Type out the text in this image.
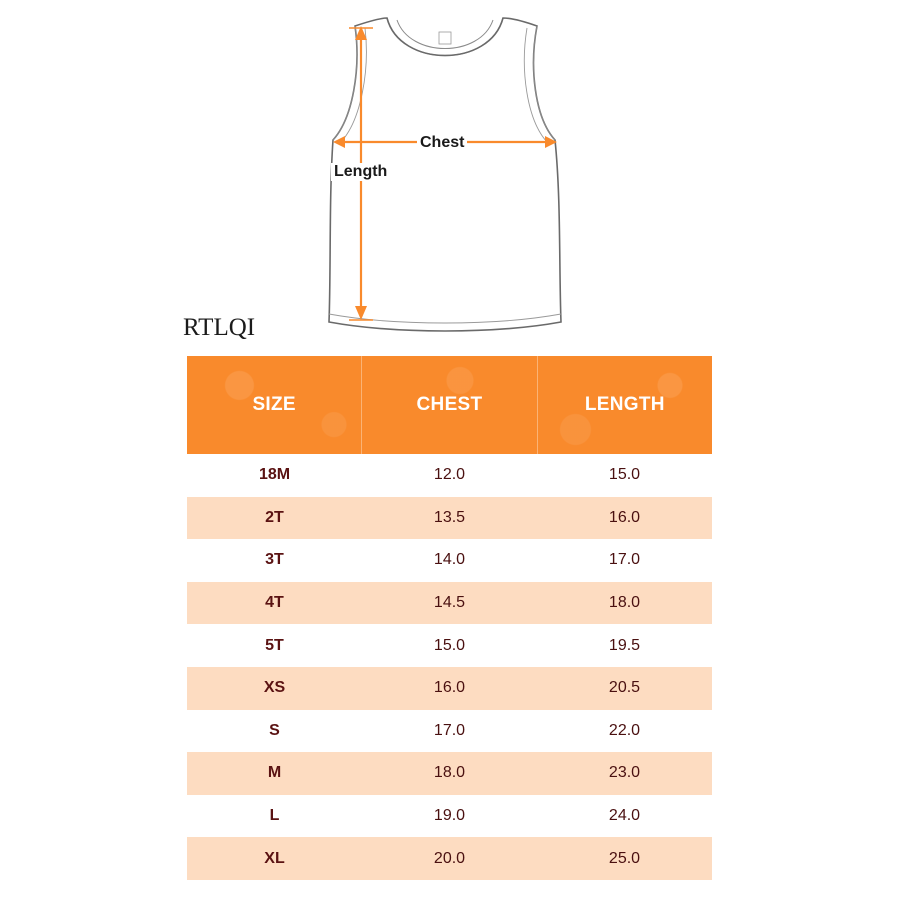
Chest
Length
RTLQI
SIZE	CHEST	LENGTH
18M	12.0	15.0
2T	13.5	16.0
3T	14.0	17.0
4T	14.5	18.0
5T	15.0	19.5
XS	16.0	20.5
S	17.0	22.0
M	18.0	23.0
L	19.0	24.0
XL	20.0	25.0
